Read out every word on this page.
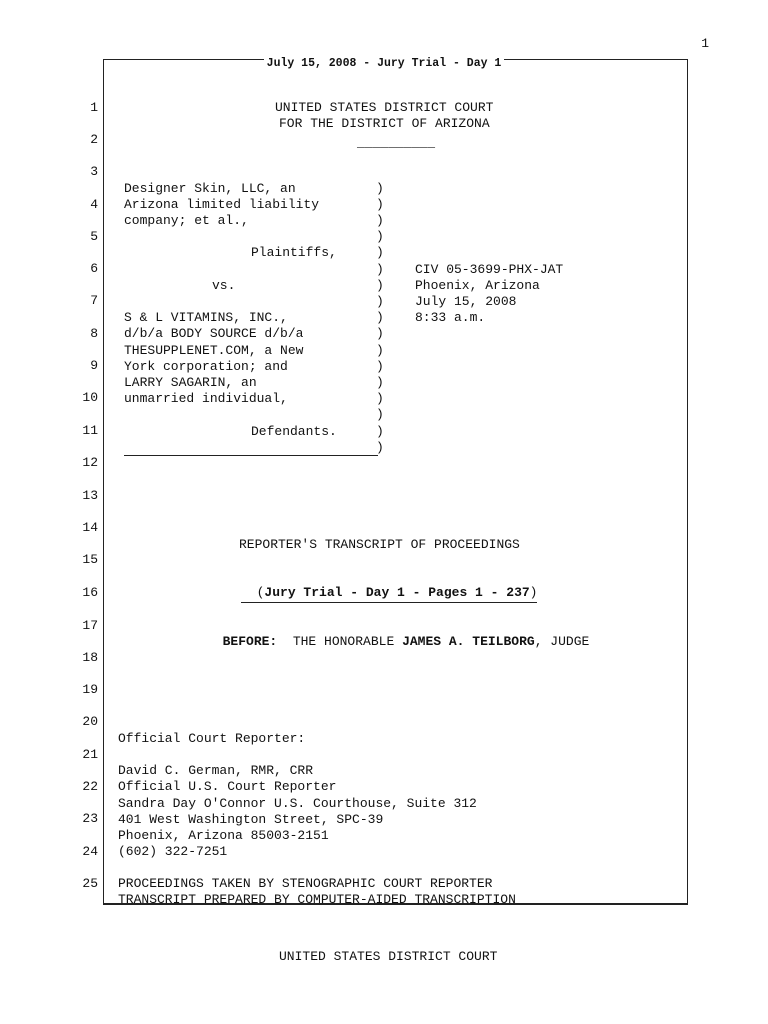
1
July 15, 2008 - Jury Trial - Day 1
1
2
3
4
5
6
7
8
9
10
11
12
13
14
15
16
17
18
19
20
21
22
23
24
25
UNITED STATES DISTRICT COURT
FOR THE DISTRICT OF ARIZONA
__________
Designer Skin, LLC, an
Arizona limited liability
company; et al.,
Plaintiffs,
vs.
S & L VITAMINS, INC.,
d/b/a BODY SOURCE d/b/a
THESUPPLENET.COM, a New
York corporation; and
LARRY SAGARIN, an
unmarried individual,
Defendants.
)
)
)
)
)
)
)
)
)
)
)
)
)
)
)
)
)
CIV 05-3699-PHX-JAT
Phoenix, Arizona
July 15, 2008
8:33 a.m.
REPORTER'S TRANSCRIPT OF PROCEEDINGS

(Jury Trial - Day 1 - Pages 1 - 237)

BEFORE: THE HONORABLE JAMES A. TEILBORG, JUDGE

Official Court Reporter:
David C. German, RMR, CRR
Official U.S. Court Reporter
Sandra Day O'Connor U.S. Courthouse, Suite 312
401 West Washington Street, SPC-39
Phoenix, Arizona 85003-2151
(602) 322-7251
PROCEEDINGS TAKEN BY STENOGRAPHIC COURT REPORTER
TRANSCRIPT PREPARED BY COMPUTER-AIDED TRANSCRIPTION
UNITED STATES DISTRICT COURT
